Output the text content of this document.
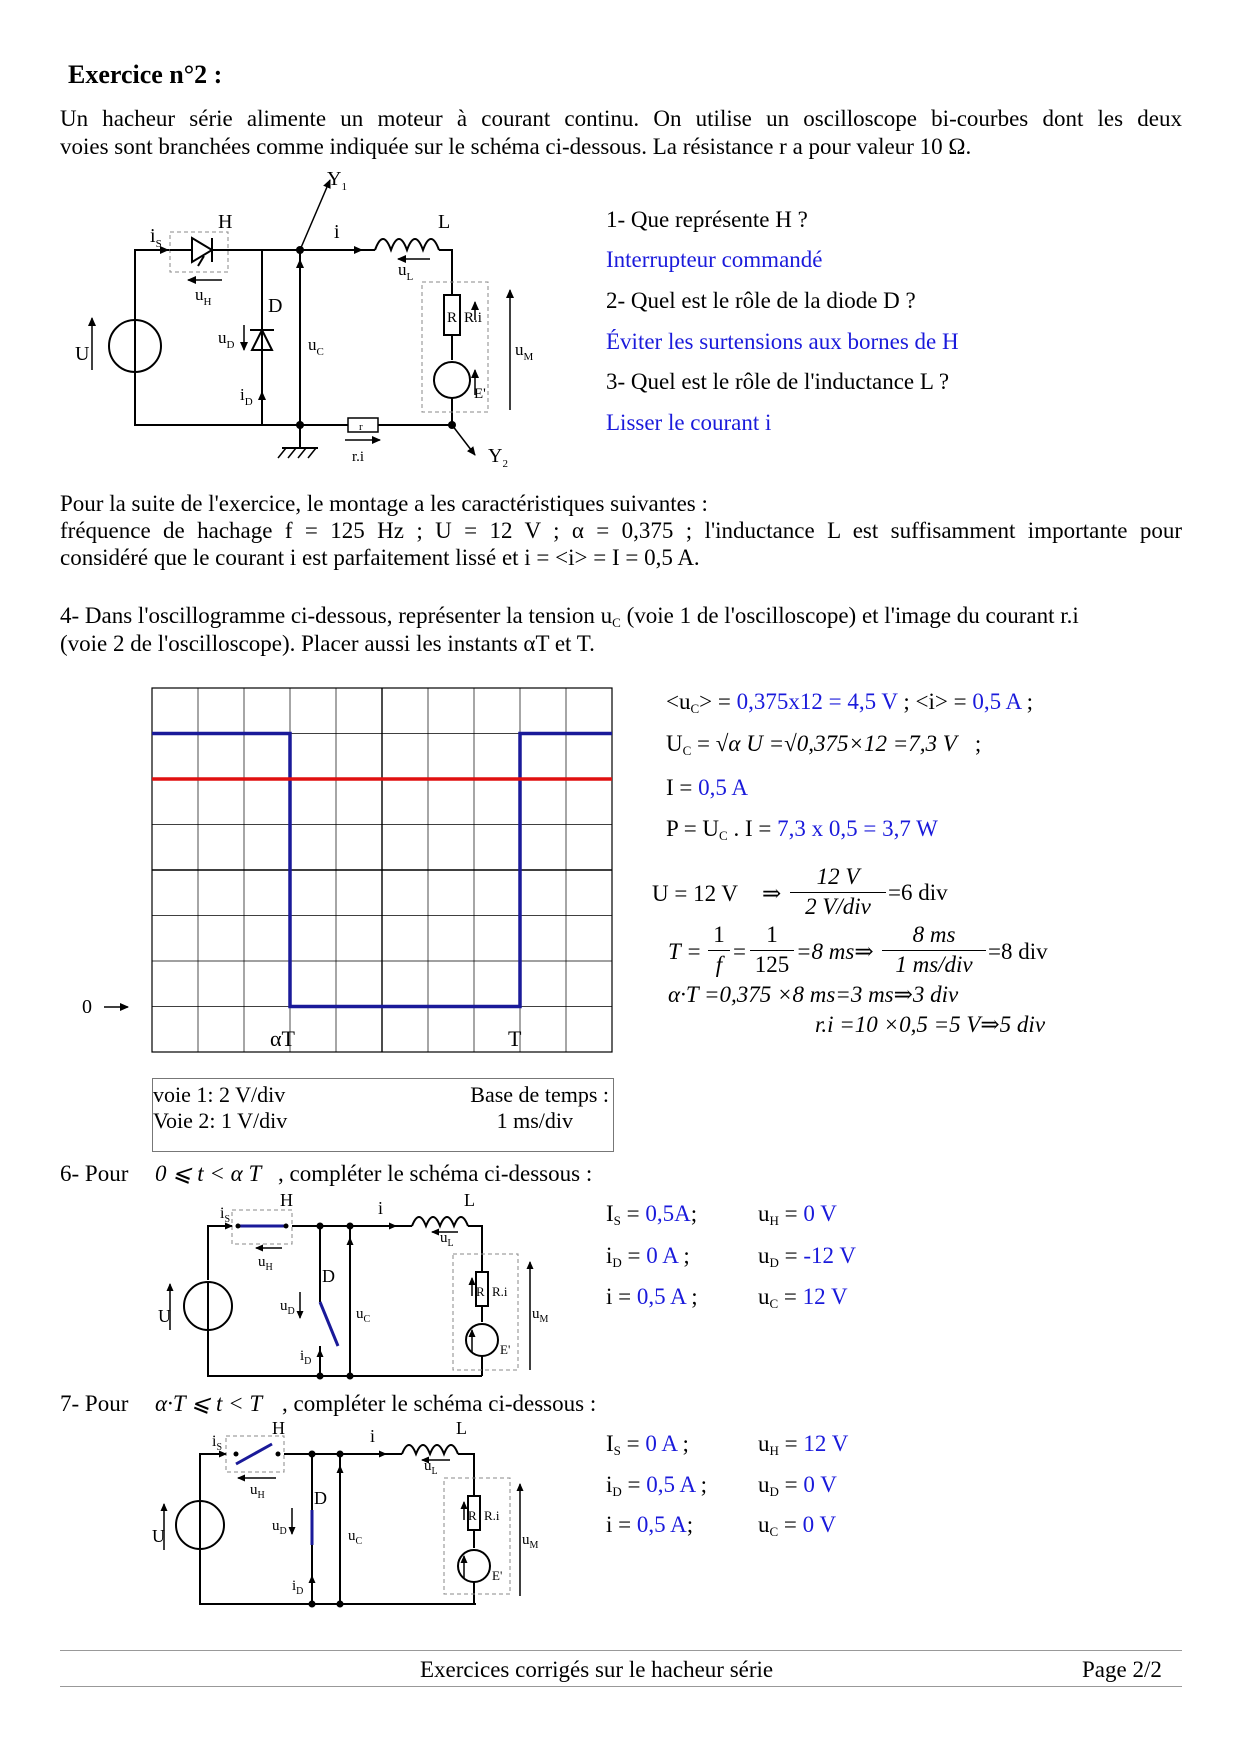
Exercice n°2 :
Un hacheur série alimente un moteur à courant continu. On utilise un oscilloscope bi-courbes dont les deux
voies sont branchées comme indiquée sur le schéma ci-dessous. La résistance r a pour valeur 10 Ω.
$Y_1$
$Y_2$
H	L
i
$i_S$
$u_L$
$u_H$	D
$u_D$
$i_D$
U	$u_C$
R R.i
$u_M$
E'
r
r.i
1- Que représente H ?
Interrupteur commandé
2- Quel est le rôle de la diode D ?
Éviter les surtensions aux bornes de H
3- Quel est le rôle de l'inductance L ?
Lisser le courant i
Pour la suite de l'exercice, le montage a les caractéristiques suivantes :
fréquence de hachage f = 125 Hz ; U = 12 V ; α = 0,375 ; l'inductance L est suffisamment importante pour
considéré que le courant i est parfaitement lissé et i = <i> = I = 0,5 A.
4- Dans l'oscillogramme ci-dessous, représenter la tension $u_C$ (voie 1 de l'oscilloscope) et l'image du courant r.i
(voie 2 de l'oscilloscope). Placer aussi les instants αT et T.
0
αT	T
voie 1: 2 V/div
Voie 2: 1 V/div
Base de temps :
1 ms/div
$<u_C> = 0,375x12 = 4,5$ V ; <i> = 0,5 A ;
$U_C = √\alpha$ U =√0,375×12 =7,3 V ;
I = 0,5 A
$P = U_C$ . I = 7,3 x 0,5 = 3,7 W
U = 12 V ⇒
12 V
2 V/div
=6 div
T =
1
f
=
1
125
=8 ms⇒
8 ms
1 ms/div
=8 div
α·T =0,375 ×8 ms=3 ms⇒3 div
r.i =10 ×0,5 =5 V⇒5 div
6- Pour 0 ⩽ t < α T , compléter le schéma ci-dessous :
H	L
i
$i_S$
$u_L$
$u_H$	D
$u_D$
$i_D$
U	$u_C$
R R.i
$u_M$
E'
$I_S = 0,5A$;	$u_H = 0$ V
$i_D = 0$ A ;	$u_D = -12$ V
i = 0,5 A ;	$u_C = 12$ V
7- Pour α·T ⩽ t < T , compléter le schéma ci-dessous :
H	L
i
$i_S$
$u_L$
$u_H$	D
$u_D$
$i_D$
U	$u_C$
R R.i
$u_M$
E'
$I_S = 0$ A ;	$u_H = 12$ V
$i_D = 0,5$ A ; $u_D = 0$ V
i = 0,5 A;	$u_C = 0$ V
Exercices corrigés sur le hacheur série	Page 2/2
